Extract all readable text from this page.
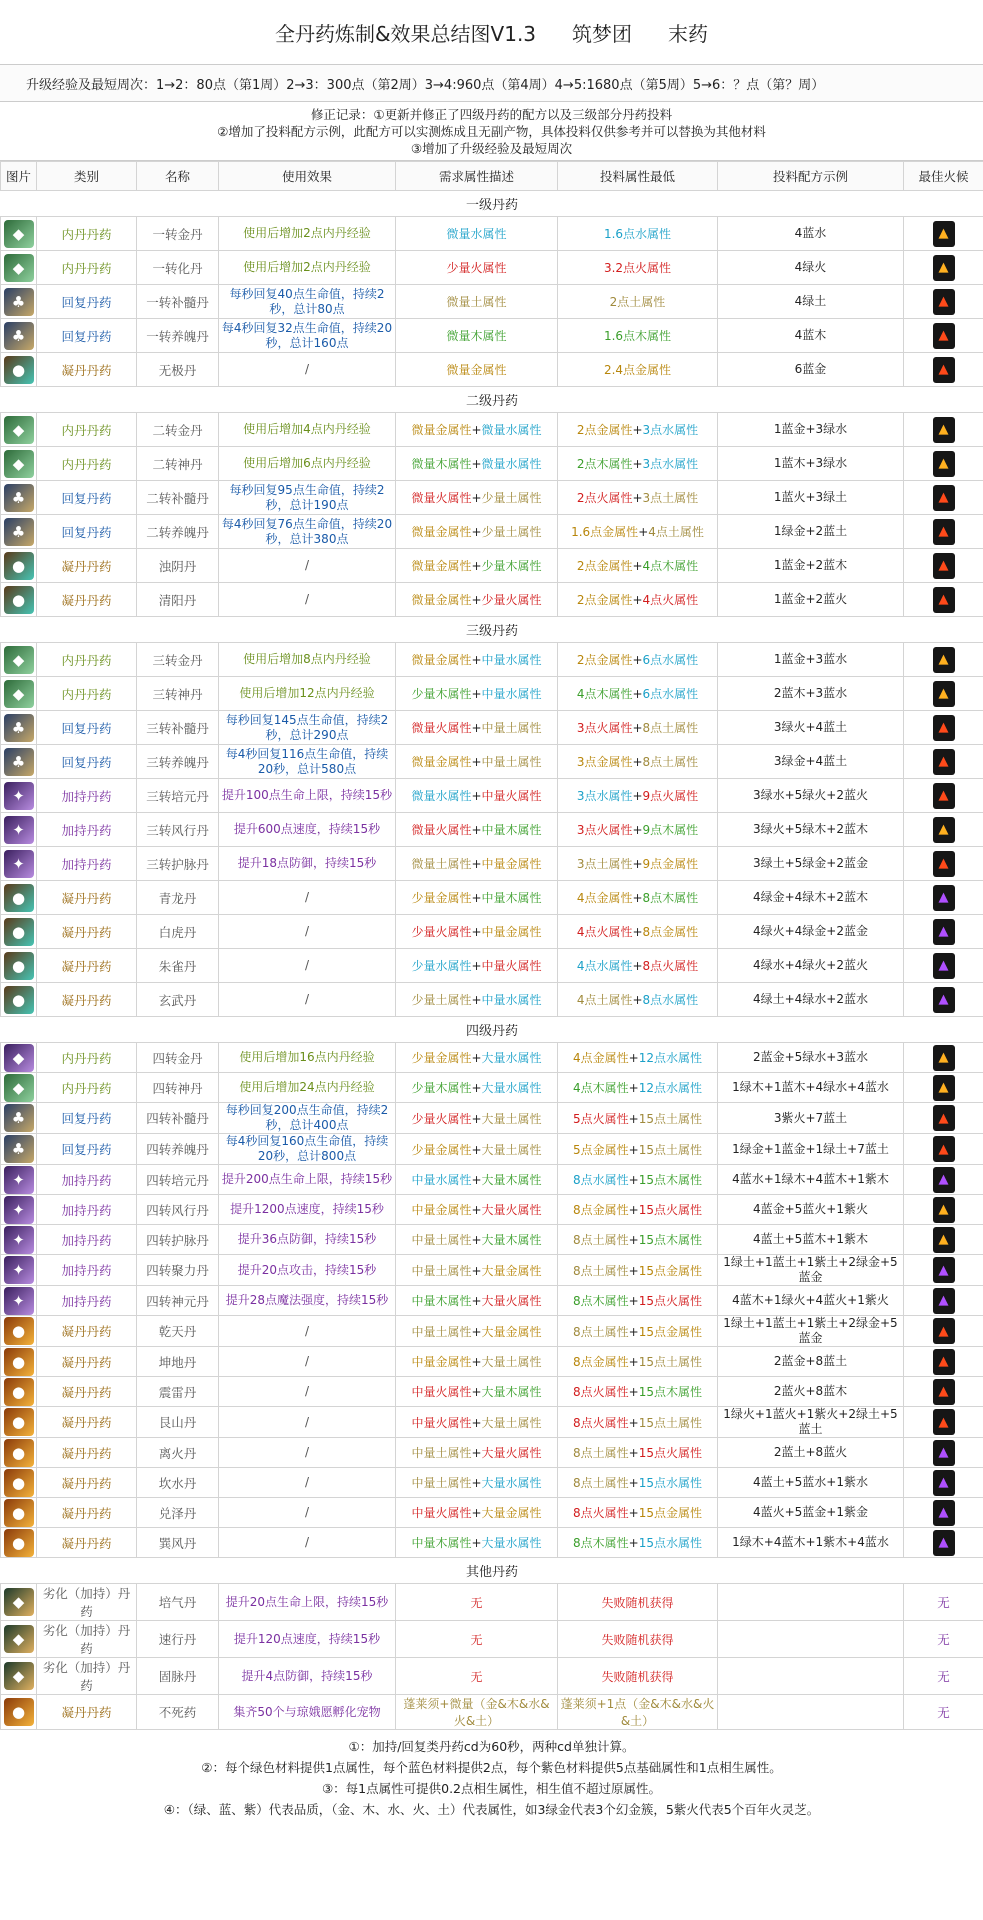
全丹药炼制&效果总结图V1.3 筑梦团 末药
升级经验及最短周次：1→2：80点（第1周）2→3：300点（第2周）3→4:960点（第4周）4→5:1680点（第5周）5→6：？点（第？周）
修正记录：①更新并修正了四级丹药的配方以及三级部分丹药投料
②增加了投料配方示例，此配方可以实测炼成且无副产物，具体投料仅供参考并可以替换为其他材料
③增加了升级经验及最短周次
图片	类别	名称	使用效果	需求属性描述	投料属性最低	投料配方示例	最佳火候
一级丹药							

◆	内丹丹药	一转金丹	使用后增加2点内丹经验	微量水属性	1.6点水属性	4蓝水	▲

◆	内丹丹药	一转化丹	使用后增加2点内丹经验	少量火属性	3.2点火属性	4绿火	▲

♣	回复丹药	一转补髓丹	每秒回复40点生命值，持续2秒，总计80点	微量土属性	2点土属性	4绿土	▲

♣	回复丹药	一转养魄丹	每4秒回复32点生命值，持续20秒，总计160点	微量木属性	1.6点木属性	4蓝木	▲

●	凝丹丹药	无极丹	/	微量金属性	2.4点金属性	6蓝金	▲

二级丹药							

◆	内丹丹药	二转金丹	使用后增加4点内丹经验	微量金属性+微量水属性	2点金属性+3点水属性	1蓝金+3绿水	▲

◆	内丹丹药	二转神丹	使用后增加6点内丹经验	微量木属性+微量水属性	2点木属性+3点水属性	1蓝木+3绿水	▲

♣	回复丹药	二转补髓丹	每秒回复95点生命值，持续2秒，总计190点	微量火属性+少量土属性	2点火属性+3点土属性	1蓝火+3绿土	▲

♣	回复丹药	二转养魄丹	每4秒回复76点生命值，持续20秒，总计380点	微量金属性+少量土属性	1.6点金属性+4点土属性	1绿金+2蓝土	▲

●	凝丹丹药	浊阴丹	/	微量金属性+少量木属性	2点金属性+4点木属性	1蓝金+2蓝木	▲

●	凝丹丹药	清阳丹	/	微量金属性+少量火属性	2点金属性+4点火属性	1蓝金+2蓝火	▲

三级丹药							

◆	内丹丹药	三转金丹	使用后增加8点内丹经验	微量金属性+中量水属性	2点金属性+6点水属性	1蓝金+3蓝水	▲

◆	内丹丹药	三转神丹	使用后增加12点内丹经验	少量木属性+中量水属性	4点木属性+6点水属性	2蓝木+3蓝水	▲

♣	回复丹药	三转补髓丹	每秒回复145点生命值，持续2秒，总计290点	微量火属性+中量土属性	3点火属性+8点土属性	3绿火+4蓝土	▲

♣	回复丹药	三转养魄丹	每4秒回复116点生命值，持续20秒，总计580点	微量金属性+中量土属性	3点金属性+8点土属性	3绿金+4蓝土	▲

✦	加持丹药	三转培元丹	提升100点生命上限，持续15秒	微量水属性+中量火属性	3点水属性+9点火属性	3绿水+5绿火+2蓝火	▲

✦	加持丹药	三转风行丹	提升600点速度，持续15秒	微量火属性+中量木属性	3点火属性+9点木属性	3绿火+5绿木+2蓝木	▲

✦	加持丹药	三转护脉丹	提升18点防御，持续15秒	微量土属性+中量金属性	3点土属性+9点金属性	3绿土+5绿金+2蓝金	▲

●	凝丹丹药	青龙丹	/	少量金属性+中量木属性	4点金属性+8点木属性	4绿金+4绿木+2蓝木	▲

●	凝丹丹药	白虎丹	/	少量火属性+中量金属性	4点火属性+8点金属性	4绿火+4绿金+2蓝金	▲

●	凝丹丹药	朱雀丹	/	少量水属性+中量火属性	4点水属性+8点火属性	4绿水+4绿火+2蓝火	▲

●	凝丹丹药	玄武丹	/	少量土属性+中量水属性	4点土属性+8点水属性	4绿土+4绿水+2蓝水	▲

四级丹药							

◆	内丹丹药	四转金丹	使用后增加16点内丹经验	少量金属性+大量水属性	4点金属性+12点水属性	2蓝金+5绿水+3蓝水	▲

◆	内丹丹药	四转神丹	使用后增加24点内丹经验	少量木属性+大量水属性	4点木属性+12点水属性	1绿木+1蓝木+4绿水+4蓝水	▲

♣	回复丹药	四转补髓丹	每秒回复200点生命值，持续2秒，总计400点	少量火属性+大量土属性	5点火属性+15点土属性	3紫火+7蓝土	▲

♣	回复丹药	四转养魄丹	每4秒回复160点生命值，持续20秒，总计800点	少量金属性+大量土属性	5点金属性+15点土属性	1绿金+1蓝金+1绿土+7蓝土	▲

✦	加持丹药	四转培元丹	提升200点生命上限，持续15秒	中量水属性+大量木属性	8点水属性+15点木属性	4蓝水+1绿木+4蓝木+1紫木	▲

✦	加持丹药	四转风行丹	提升1200点速度，持续15秒	中量金属性+大量火属性	8点金属性+15点火属性	4蓝金+5蓝火+1紫火	▲

✦	加持丹药	四转护脉丹	提升36点防御，持续15秒	中量土属性+大量木属性	8点土属性+15点木属性	4蓝土+5蓝木+1紫木	▲

✦	加持丹药	四转聚力丹	提升20点攻击，持续15秒	中量土属性+大量金属性	8点土属性+15点金属性	1绿土+1蓝土+1紫土+2绿金+5蓝金	▲

✦	加持丹药	四转神元丹	提升28点魔法强度，持续15秒	中量木属性+大量火属性	8点木属性+15点火属性	4蓝木+1绿火+4蓝火+1紫火	▲

●	凝丹丹药	乾天丹	/	中量土属性+大量金属性	8点土属性+15点金属性	1绿土+1蓝土+1紫土+2绿金+5蓝金	▲

●	凝丹丹药	坤地丹	/	中量金属性+大量土属性	8点金属性+15点土属性	2蓝金+8蓝土	▲

●	凝丹丹药	震雷丹	/	中量火属性+大量木属性	8点火属性+15点木属性	2蓝火+8蓝木	▲

●	凝丹丹药	艮山丹	/	中量火属性+大量土属性	8点火属性+15点土属性	1绿火+1蓝火+1紫火+2绿土+5蓝土	▲

●	凝丹丹药	离火丹	/	中量土属性+大量火属性	8点土属性+15点火属性	2蓝土+8蓝火	▲

●	凝丹丹药	坎水丹	/	中量土属性+大量水属性	8点土属性+15点水属性	4蓝土+5蓝水+1紫水	▲

●	凝丹丹药	兑泽丹	/	中量火属性+大量金属性	8点火属性+15点金属性	4蓝火+5蓝金+1紫金	▲

●	凝丹丹药	巽风丹	/	中量木属性+大量水属性	8点木属性+15点水属性	1绿木+4蓝木+1紫木+4蓝水	▲

其他丹药							

◆	劣化（加持）丹药	培气丹	提升20点生命上限，持续15秒	无	失败随机获得		无

◆	劣化（加持）丹药	速行丹	提升120点速度，持续15秒	无	失败随机获得		无

◆	劣化（加持）丹药	固脉丹	提升4点防御，持续15秒	无	失败随机获得		无

●	凝丹丹药	不死药	集齐50个与琼娥愿孵化宠物	蓬莱须+微量（金&木&水&火&土）	蓬莱须+1点（金&木&水&火&土）		无
①：加持/回复类丹药cd为60秒，两种cd单独计算。
②：每个绿色材料提供1点属性，每个蓝色材料提供2点，每个紫色材料提供5点基础属性和1点相生属性。
③：每1点属性可提供0.2点相生属性，相生值不超过原属性。
④：（绿、蓝、紫）代表品质，（金、木、水、火、土）代表属性，如3绿金代表3个幻金簇，5紫火代表5个百年火灵芝。
